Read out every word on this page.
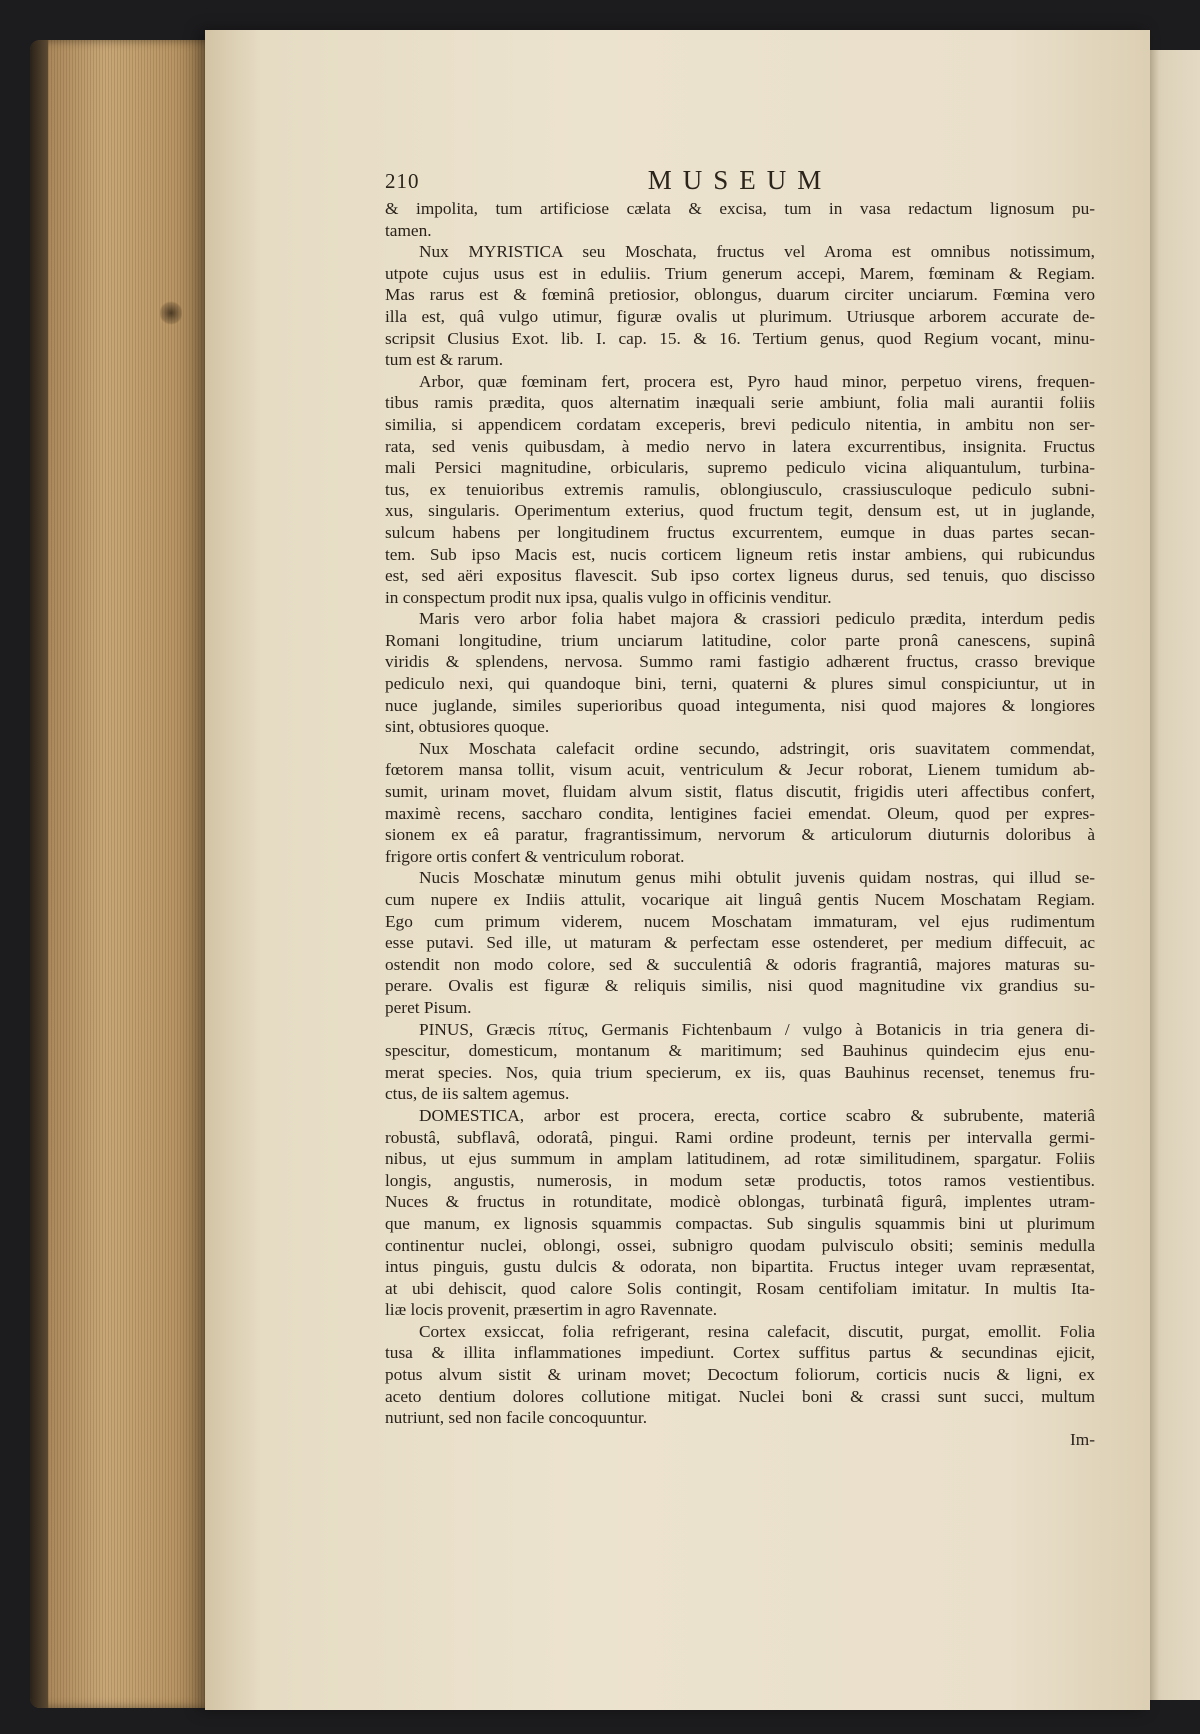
210	MUSEUM
& impolita, tum artificiose cælata & excisa, tum in vasa redactum lignosum pu-
tamen.
Nux MYRISTICA seu Moschata, fructus vel Aroma est omnibus notissimum,
utpote cujus usus est in eduliis. Trium generum accepi, Marem, fœminam & Regiam.
Mas rarus est & fœminâ pretiosior, oblongus, duarum circiter unciarum. Fœmina vero
illa est, quâ vulgo utimur, figuræ ovalis ut plurimum. Utriusque arborem accurate de-
scripsit Clusius Exot. lib. I. cap. 15. & 16. Tertium genus, quod Regium vocant, minu-
tum est & rarum.
Arbor, quæ fœminam fert, procera est, Pyro haud minor, perpetuo virens, frequen-
tibus ramis prædita, quos alternatim inæquali serie ambiunt, folia mali aurantii foliis
similia, si appendicem cordatam exceperis, brevi pediculo nitentia, in ambitu non ser-
rata, sed venis quibusdam, à medio nervo in latera excurrentibus, insignita. Fructus
mali Persici magnitudine, orbicularis, supremo pediculo vicina aliquantulum, turbina-
tus, ex tenuioribus extremis ramulis, oblongiusculo, crassiusculoque pediculo subni-
xus, singularis. Operimentum exterius, quod fructum tegit, densum est, ut in juglande,
sulcum habens per longitudinem fructus excurrentem, eumque in duas partes secan-
tem. Sub ipso Macis est, nucis corticem ligneum retis instar ambiens, qui rubicundus
est, sed aëri expositus flavescit. Sub ipso cortex ligneus durus, sed tenuis, quo discisso
in conspectum prodit nux ipsa, qualis vulgo in officinis venditur.
Maris vero arbor folia habet majora & crassiori pediculo prædita, interdum pedis
Romani longitudine, trium unciarum latitudine, color parte pronâ canescens, supinâ
viridis & splendens, nervosa. Summo rami fastigio adhærent fructus, crasso brevique
pediculo nexi, qui quandoque bini, terni, quaterni & plures simul conspiciuntur, ut in
nuce juglande, similes superioribus quoad integumenta, nisi quod majores & longiores
sint, obtusiores quoque.
Nux Moschata calefacit ordine secundo, adstringit, oris suavitatem commendat,
fœtorem mansa tollit, visum acuit, ventriculum & Jecur roborat, Lienem tumidum ab-
sumit, urinam movet, fluidam alvum sistit, flatus discutit, frigidis uteri affectibus confert,
maximè recens, saccharo condita, lentigines faciei emendat. Oleum, quod per expres-
sionem ex eâ paratur, fragrantissimum, nervorum & articulorum diuturnis doloribus à
frigore ortis confert & ventriculum roborat.
Nucis Moschatæ minutum genus mihi obtulit juvenis quidam nostras, qui illud se-
cum nupere ex Indiis attulit, vocarique ait linguâ gentis Nucem Moschatam Regiam.
Ego cum primum viderem, nucem Moschatam immaturam, vel ejus rudimentum
esse putavi. Sed ille, ut maturam & perfectam esse ostenderet, per medium diffecuit, ac
ostendit non modo colore, sed & succulentiâ & odoris fragrantiâ, majores maturas su-
perare. Ovalis est figuræ & reliquis similis, nisi quod magnitudine vix grandius su-
peret Pisum.
PINUS, Græcis πίτυς, Germanis Fichtenbaum / vulgo à Botanicis in tria genera di-
spescitur, domesticum, montanum & maritimum; sed Bauhinus quindecim ejus enu-
merat species. Nos, quia trium specierum, ex iis, quas Bauhinus recenset, tenemus fru-
ctus, de iis saltem agemus.
DOMESTICA, arbor est procera, erecta, cortice scabro & subrubente, materiâ
robustâ, subflavâ, odoratâ, pingui. Rami ordine prodeunt, ternis per intervalla germi-
nibus, ut ejus summum in amplam latitudinem, ad rotæ similitudinem, spargatur. Foliis
longis, angustis, numerosis, in modum setæ productis, totos ramos vestientibus.
Nuces & fructus in rotunditate, modicè oblongas, turbinatâ figurâ, implentes utram-
que manum, ex lignosis squammis compactas. Sub singulis squammis bini ut plurimum
continentur nuclei, oblongi, ossei, subnigro quodam pulvisculo obsiti; seminis medulla
intus pinguis, gustu dulcis & odorata, non bipartita. Fructus integer uvam repræsentat,
at ubi dehiscit, quod calore Solis contingit, Rosam centifoliam imitatur. In multis Ita-
liæ locis provenit, præsertim in agro Ravennate.
Cortex exsiccat, folia refrigerant, resina calefacit, discutit, purgat, emollit. Folia
tusa & illita inflammationes impediunt. Cortex suffitus partus & secundinas ejicit,
potus alvum sistit & urinam movet; Decoctum foliorum, corticis nucis & ligni, ex
aceto dentium dolores collutione mitigat. Nuclei boni & crassi sunt succi, multum
nutriunt, sed non facile concoquuntur.
Im-
